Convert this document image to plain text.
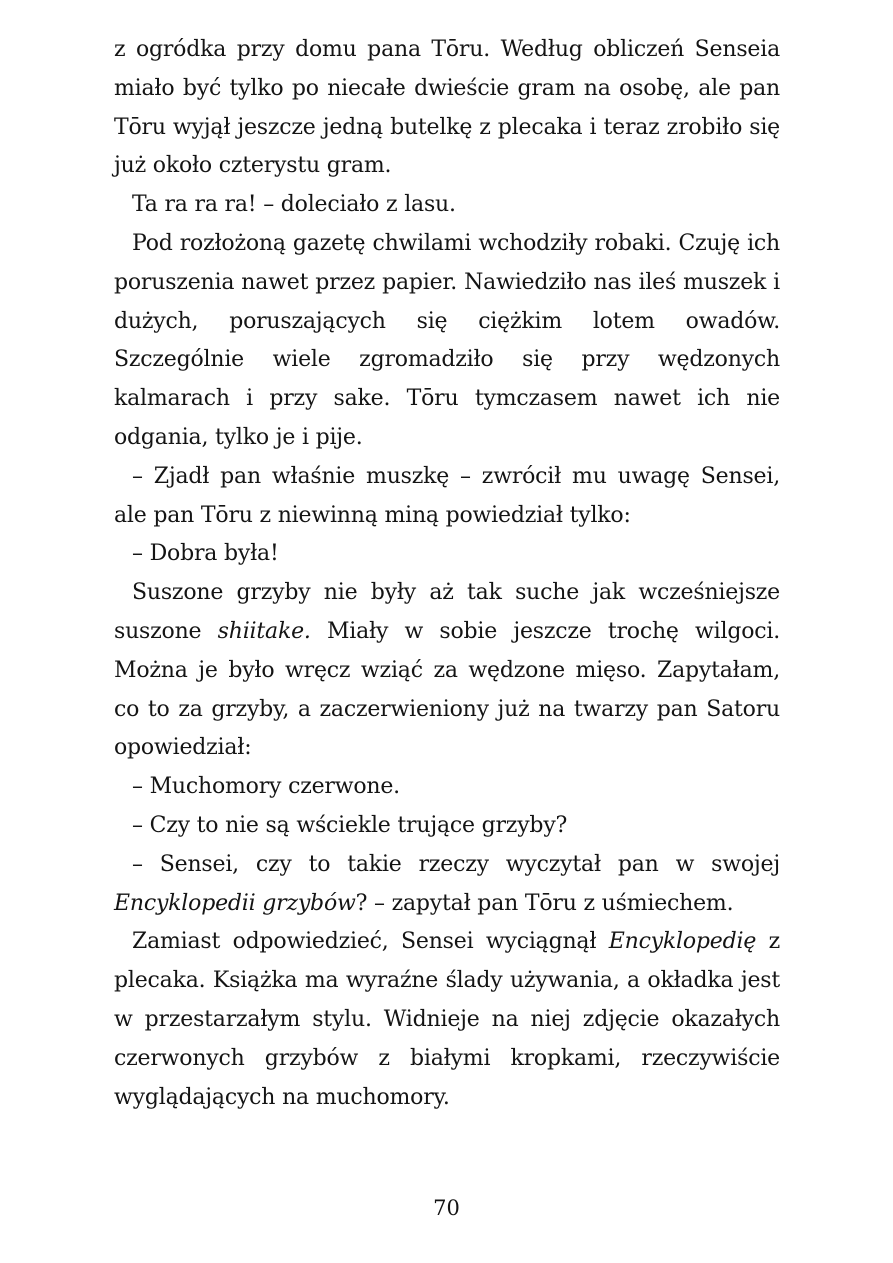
z ogródka przy domu pana Tōru. Według obliczeń Senseia miało być tylko po niecałe dwieście gram na osobę, ale pan Tōru wyjął jeszcze jedną butelkę z plecaka i teraz zrobiło się już około czterystu gram.

Ta ra ra ra! – doleciało z lasu.

Pod rozłożoną gazetę chwilami wchodziły robaki. Czuję ich poruszenia nawet przez papier. Nawiedziło nas ileś muszek i dużych, poruszających się ciężkim lotem owadów. Szczególnie wiele zgromadziło się przy wędzonych kalmarach i przy sake. Tōru tymczasem nawet ich nie odgania, tylko je i pije.

– Zjadł pan właśnie muszkę – zwrócił mu uwagę Sensei, ale pan Tōru z niewinną miną powiedział tylko:

– Dobra była!

Suszone grzyby nie były aż tak suche jak wcześniejsze suszone shiitake. Miały w sobie jeszcze trochę wilgoci. Można je było wręcz wziąć za wędzone mięso. Zapytałam, co to za grzyby, a zaczerwieniony już na twarzy pan Satoru opowiedział:

– Muchomory czerwone.

– Czy to nie są wściekle trujące grzyby?

– Sensei, czy to takie rzeczy wyczytał pan w swojej Encyklopedii grzybów? – zapytał pan Tōru z uśmiechem.

Zamiast odpowiedzieć, Sensei wyciągnął Encyklopedię z plecaka. Książka ma wyraźne ślady używania, a okładka jest w przestarzałym stylu. Widnieje na niej zdjęcie okazałych czerwonych grzybów z białymi kropkami, rzeczywiście wyglądających na muchomory.

70
